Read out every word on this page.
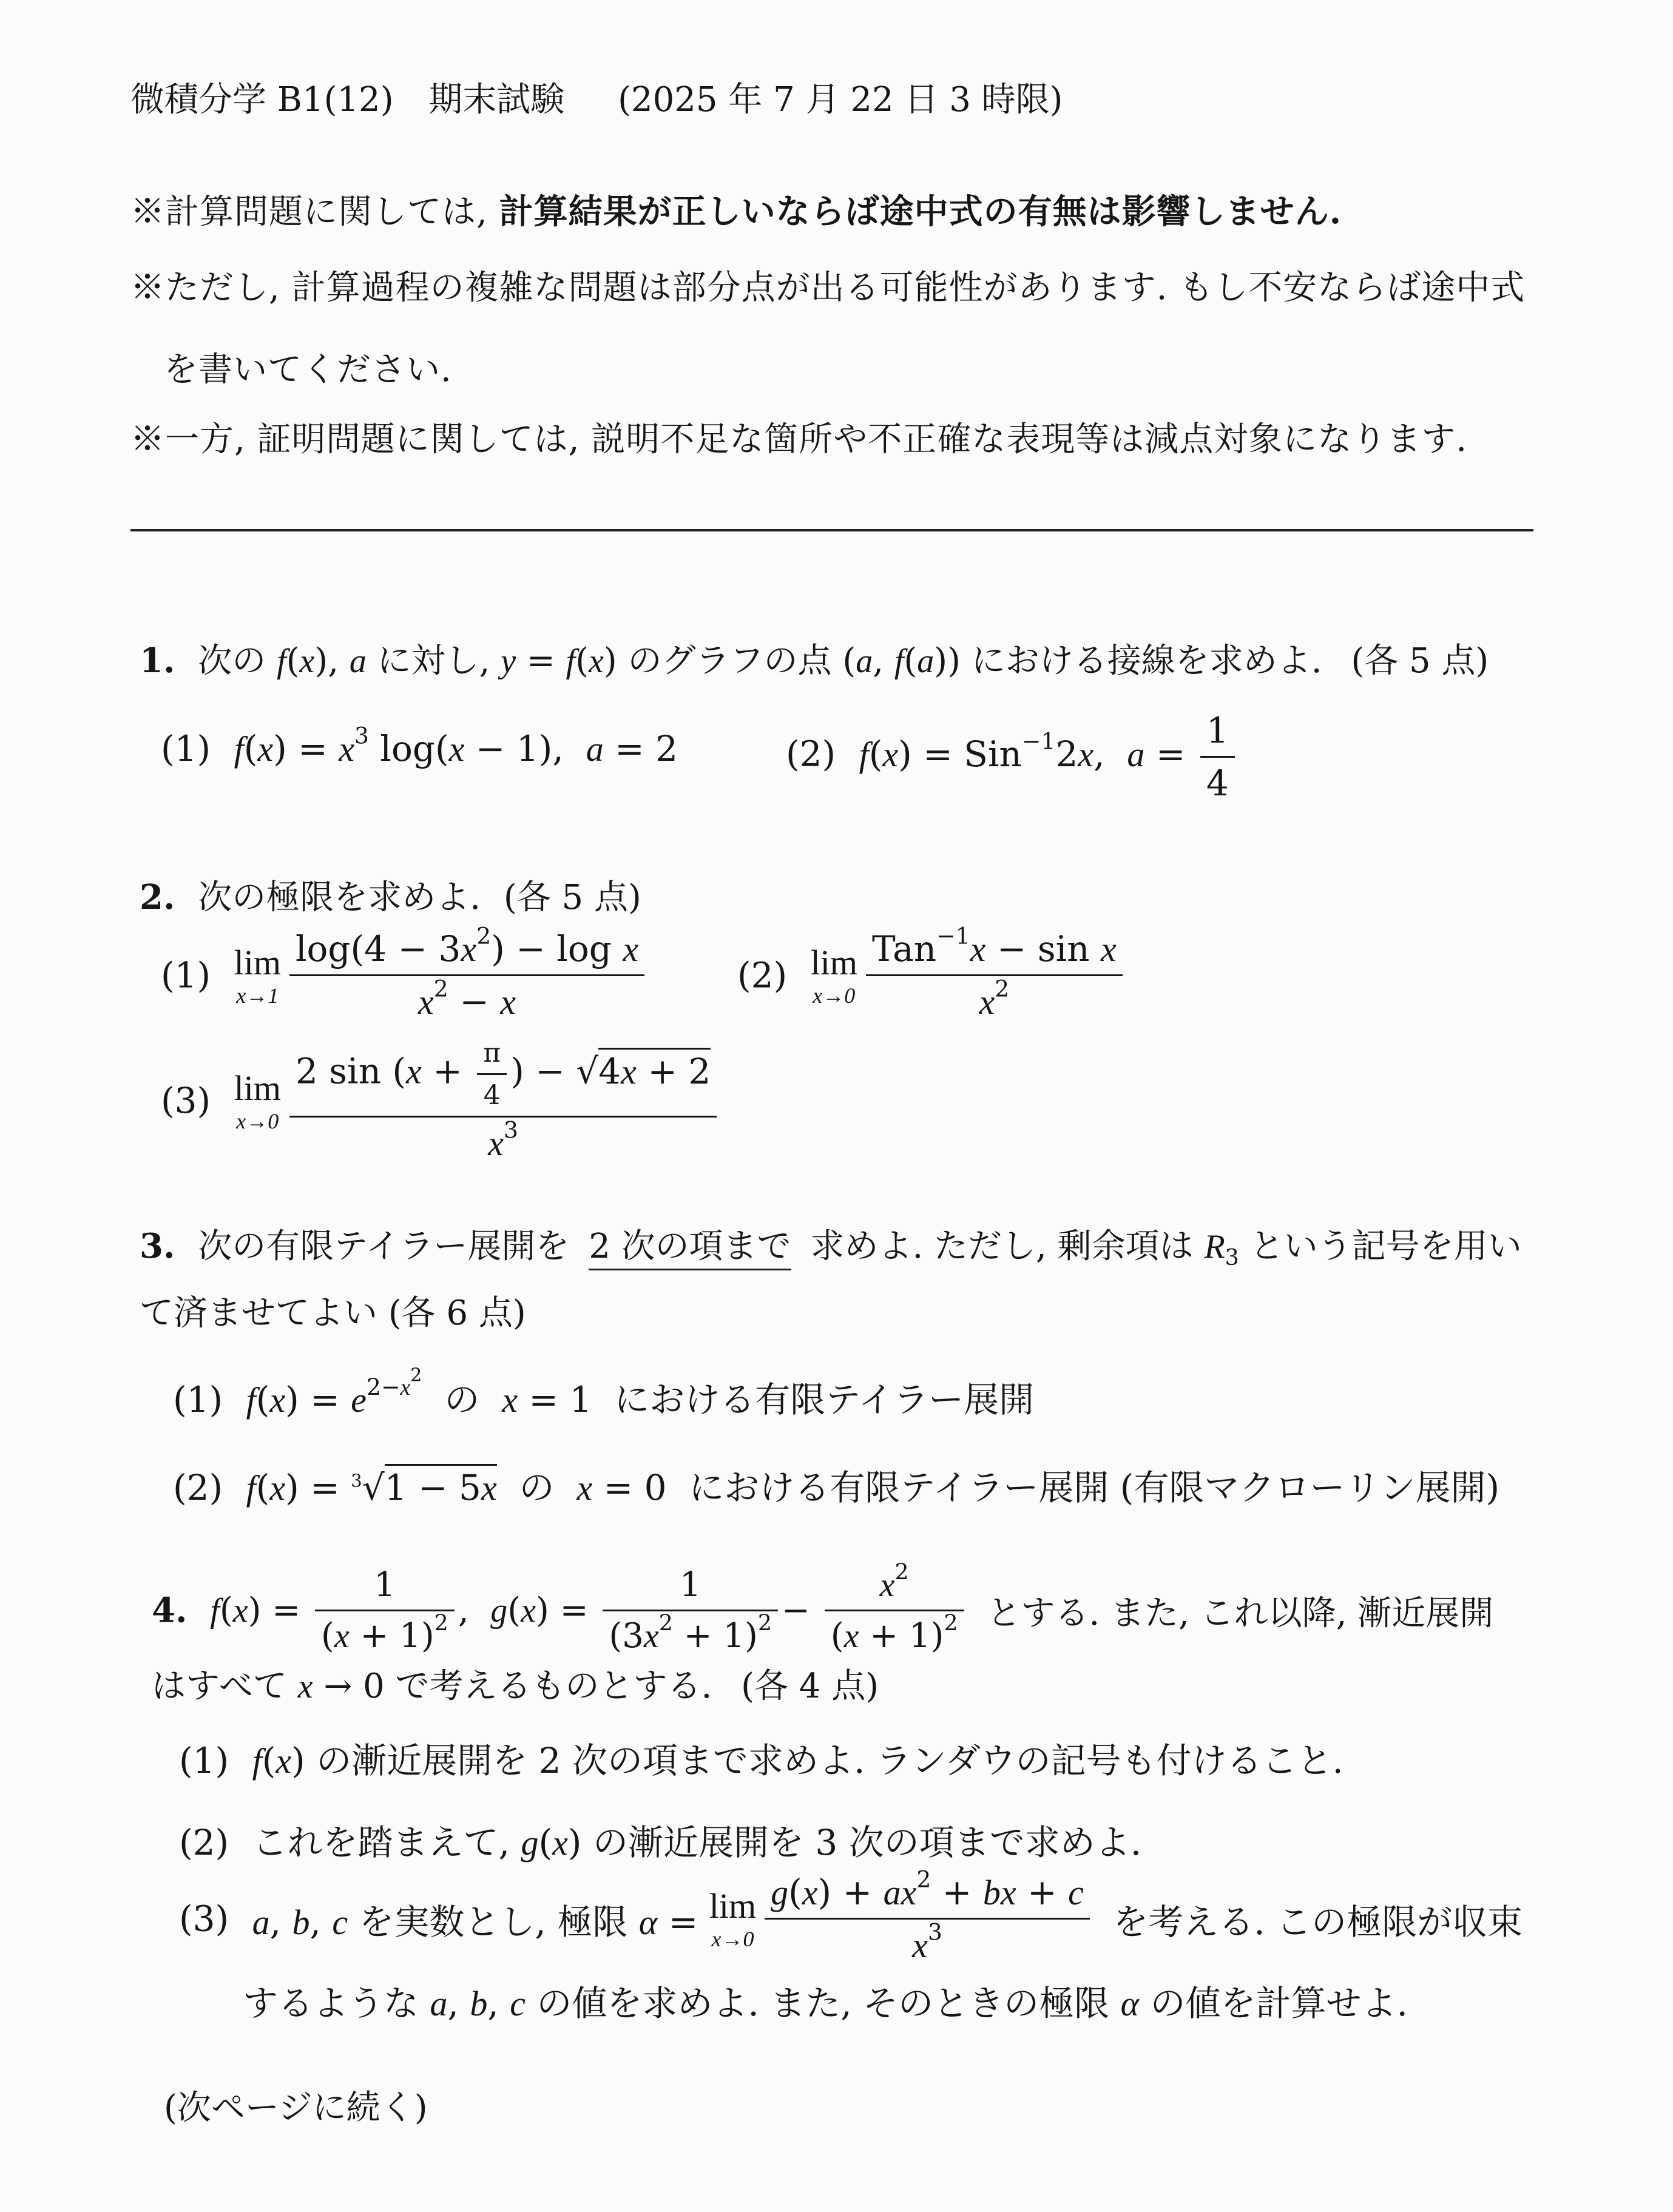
微積分学 B1(12) 期末試験 (2025 年 7 月 22 日 3 時限)
※計算問題に関しては, 計算結果が正しいならば途中式の有無は影響しません.
※ただし, 計算過程の複雑な問題は部分点が出る可能性があります. もし不安ならば途中式
を書いてください.
※一方, 証明問題に関しては, 説明不足な箇所や不正確な表現等は減点対象になります.
1. 次の f(x), a に対し, y = f(x) のグラフの点 (a, f(a)) における接線を求めよ. (各 5 点)
(1) $f(x) = x^3$ log(x − 1),  a = 2	(2) f(x) = Sin$^{-1}$2x,  $a = \frac{1}{4}$
2. 次の極限を求めよ. (各 5 点)
(1) lim
$x\to 1 \frac{\log(4 - 3x^2) - \log x}{x^2 - x}$	(2) lim
$x\to 0 \frac{Tan^{-1}x - \sin x}{x^2}$
(3) lim
$x\to 0 \frac{2 \sin (x + \frac{\pi}{4} ) - √4x + 2}{x^3}$
3. 次の有限テイラー展開を 2 次の項まで 求めよ. ただし, 剰余項は $R_3$ という記号を用い
て済ませてよい (各 6 点)
(1) $f(x) = e^{2-x^2}$  の  x = 1  における有限テイラー展開
(2) f(x) = $^3$√1 − 5x  の  x = 0  における有限テイラー展開 (有限マクローリン展開)
4. $f(x) = \frac{1}{(x + 1)^2}$ ,  $g(x) = \frac{1}{(3x^2 + 1)^2} - \frac{x^2}{(x + 1)^2}$ とする. また, これ以降, 漸近展開
はすべて x → 0 で考えるものとする. (各 4 点)
(1) f(x) の漸近展開を 2 次の項まで求めよ. ランダウの記号も付けること.
(2) これを踏まえて, g(x) の漸近展開を 3 次の項まで求めよ.
(3) a, b, c を実数とし, 極限 α = lim
$x\to 0 \frac{g(x) + ax^2 + bx + c}{x^3}$ を考える. この極限が収束
するような a, b, c の値を求めよ. また, そのときの極限 α の値を計算せよ.
(次ページに続く)
